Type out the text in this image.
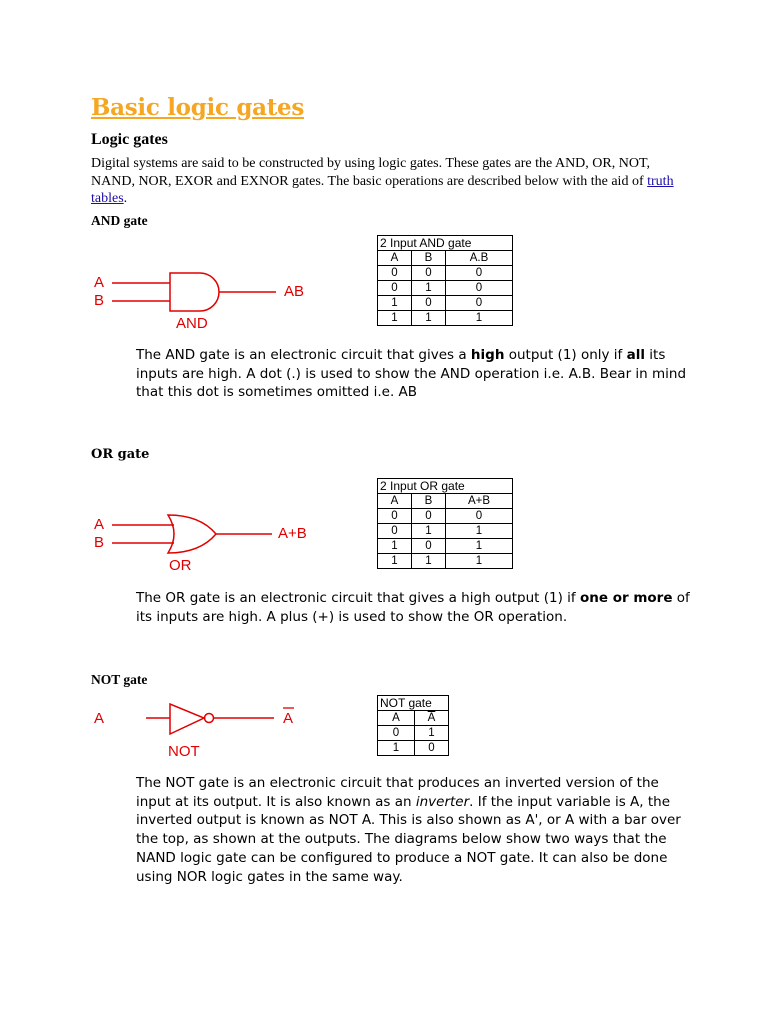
Basic logic gates
Logic gates
Digital systems are said to be constructed by using logic gates. These gates are the AND, OR, NOT, NAND, NOR, EXOR and EXNOR gates. The basic operations are described below with the aid of truth tables.
AND gate
A
B
AB
AND
2 Input AND gate		
A	B	A.B
0	0	0
0	1	0
1	0	0
1	1	1
The AND gate is an electronic circuit that gives a high output (1) only if all its inputs are high. A dot (.) is used to show the AND operation i.e. A.B. Bear in mind that this dot is sometimes omitted i.e. AB
OR gate
A
B
A+B
OR
2 Input OR gate		
A	B	A+B
0	0	0
0	1	1
1	0	1
1	1	1
The OR gate is an electronic circuit that gives a high output (1) if one or more of its inputs are high. A plus (+) is used to show the OR operation.
NOT gate
A	A
NOT
NOT gate	
A	$\overline{A}$
0	1
1	0
The NOT gate is an electronic circuit that produces an inverted version of the input at its output. It is also known as an inverter. If the input variable is A, the inverted output is known as NOT A. This is also shown as A', or A with a bar over the top, as shown at the outputs. The diagrams below show two ways that the NAND logic gate can be configured to produce a NOT gate. It can also be done using NOR logic gates in the same way.
